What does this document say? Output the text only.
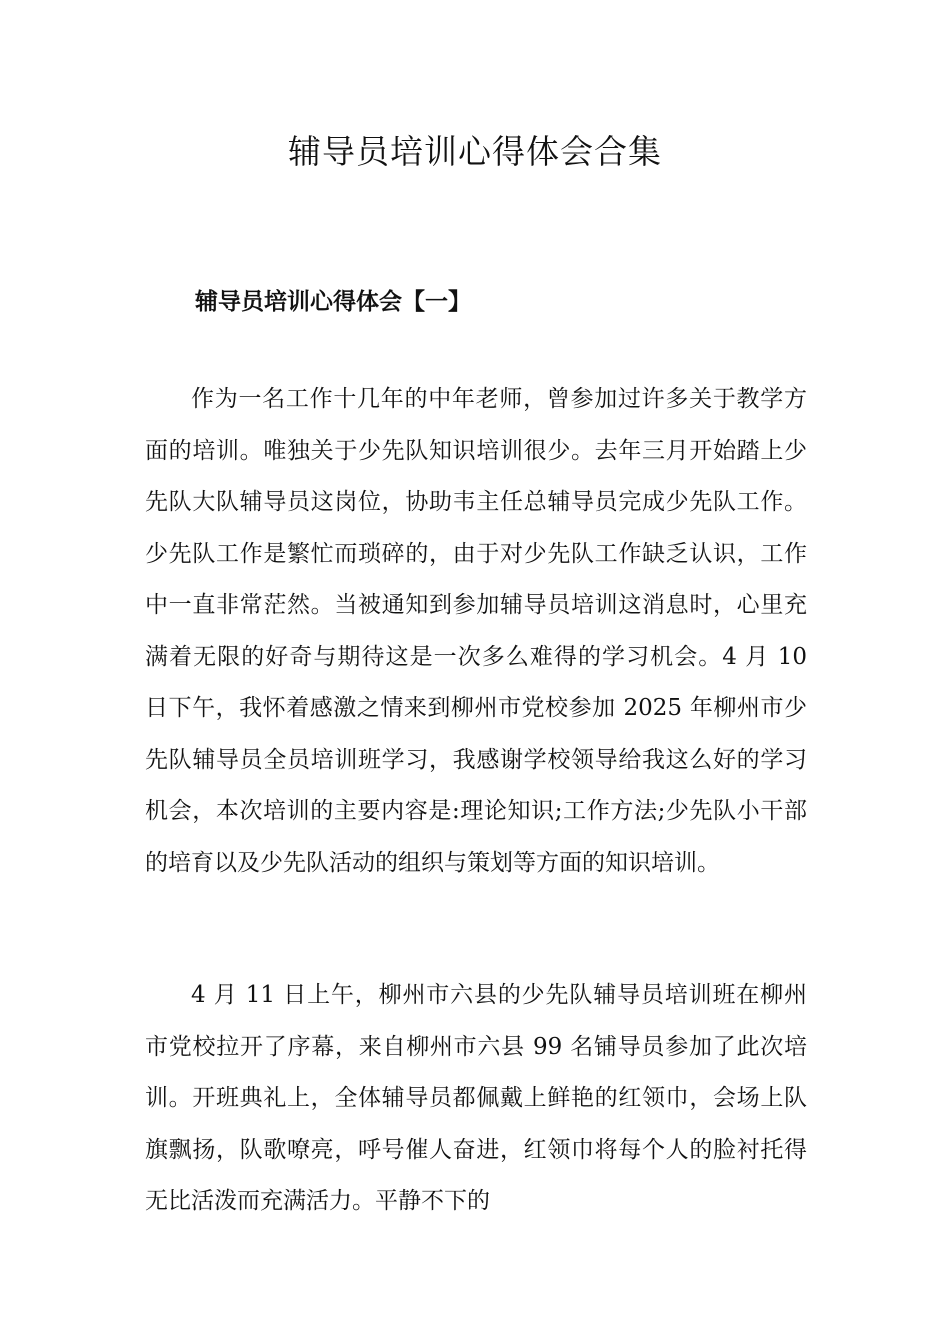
辅导员培训心得体会合集
辅导员培训心得体会【一】

作为一名工作十几年的中年老师，曾参加过许多关于教学方面的培训。唯独关于少先队知识培训很少。去年三月开始踏上少先队大队辅导员这岗位，协助韦主任总辅导员完成少先队工作。少先队工作是繁忙而琐碎的，由于对少先队工作缺乏认识，工作中一直非常茫然。当被通知到参加辅导员培训这消息时，心里充满着无限的好奇与期待这是一次多么难得的学习机会。4 月 10 日下午，我怀着感激之情来到柳州市党校参加 2025 年柳州市少先队辅导员全员培训班学习，我感谢学校领导给我这么好的学习机会，本次培训的主要内容是:理论知识;工作方法;少先队小干部的培育以及少先队活动的组织与策划等方面的知识培训。

4 月 11 日上午，柳州市六县的少先队辅导员培训班在柳州市党校拉开了序幕，来自柳州市六县 99 名铺导员参加了此次培训。开班典礼上，全体辅导员都佩戴上鲜艳的红领巾，会场上队旗飘扬，队歌嘹亮，呼号催人奋进，红领巾将每个人的脸衬托得无比活泼而充满活力。平静不下的
